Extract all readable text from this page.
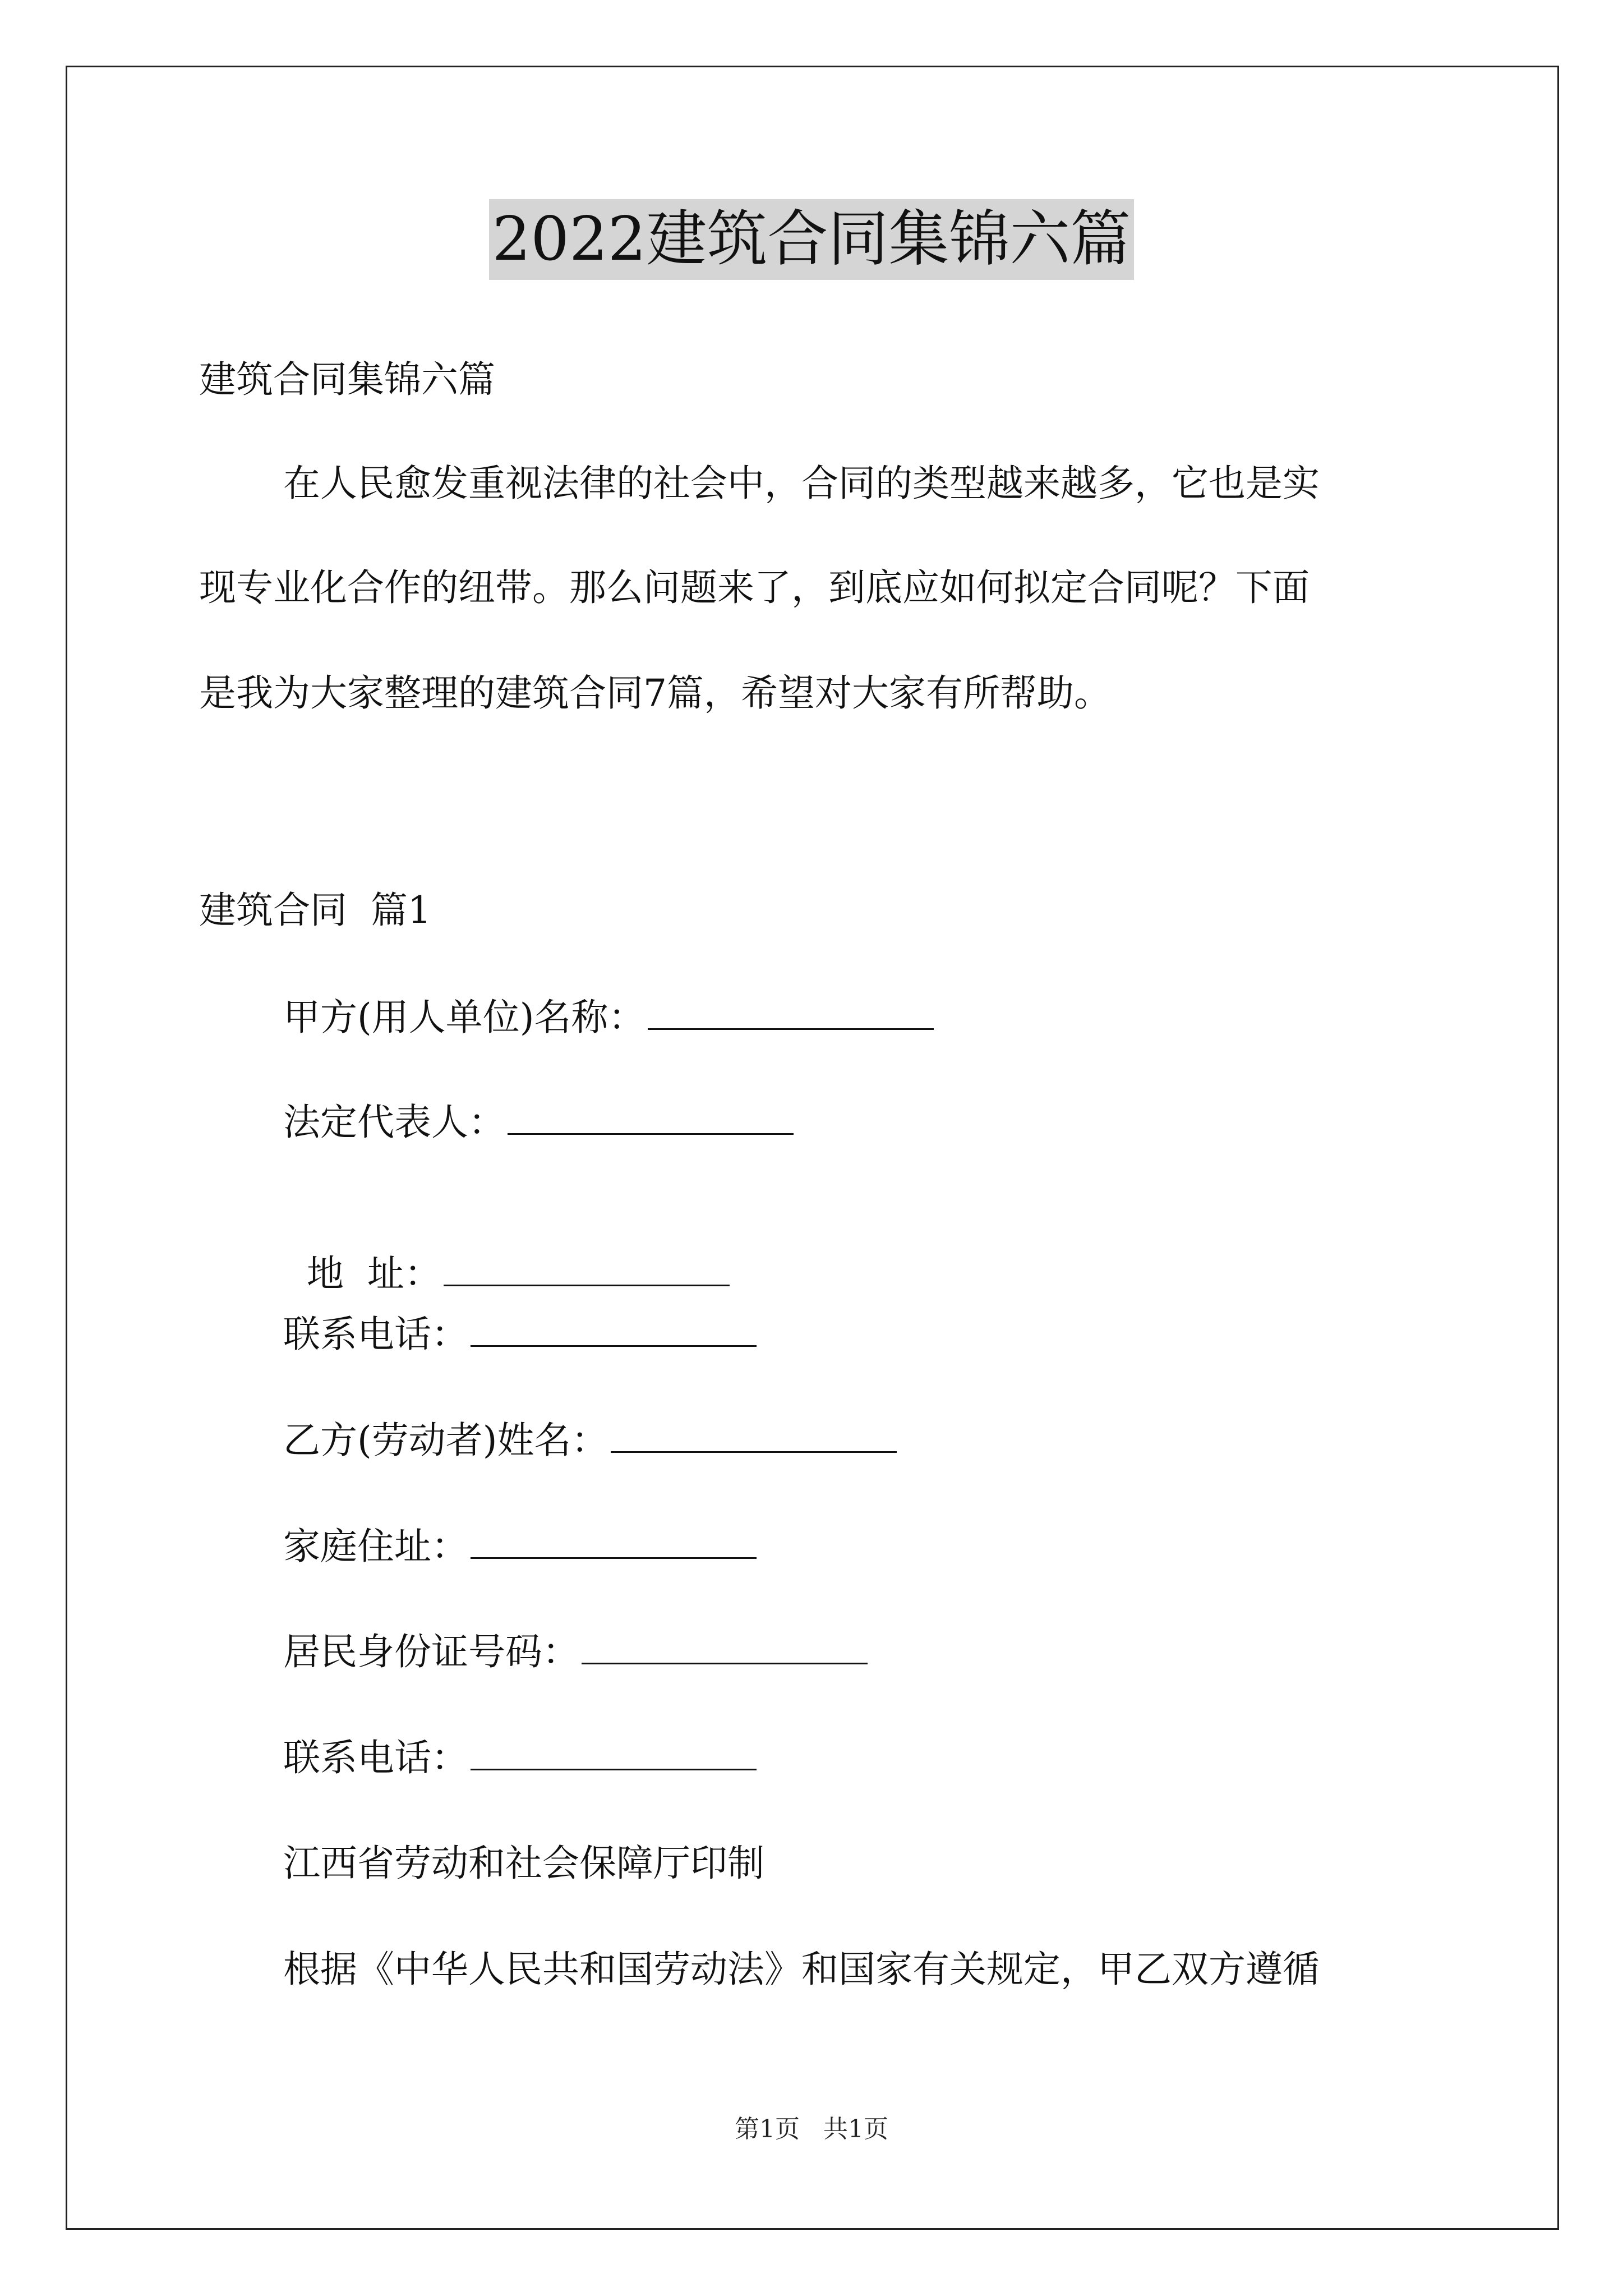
2022建筑合同集锦六篇
建筑合同集锦六篇
在人民愈发重视法律的社会中，合同的类型越来越多，它也是实
现专业化合作的纽带。那么问题来了，到底应如何拟定合同呢？下面
是我为大家整理的建筑合同7篇，希望对大家有所帮助。
建筑合同  篇1
甲方(用人单位)名称：
法定代表人：

地  址：

联系电话：
乙方(劳动者)姓名：
家庭住址：
居民身份证号码：
联系电话：
江西省劳动和社会保障厅印制
根据《中华人民共和国劳动法》和国家有关规定，甲乙双方遵循
第1页   共1页
